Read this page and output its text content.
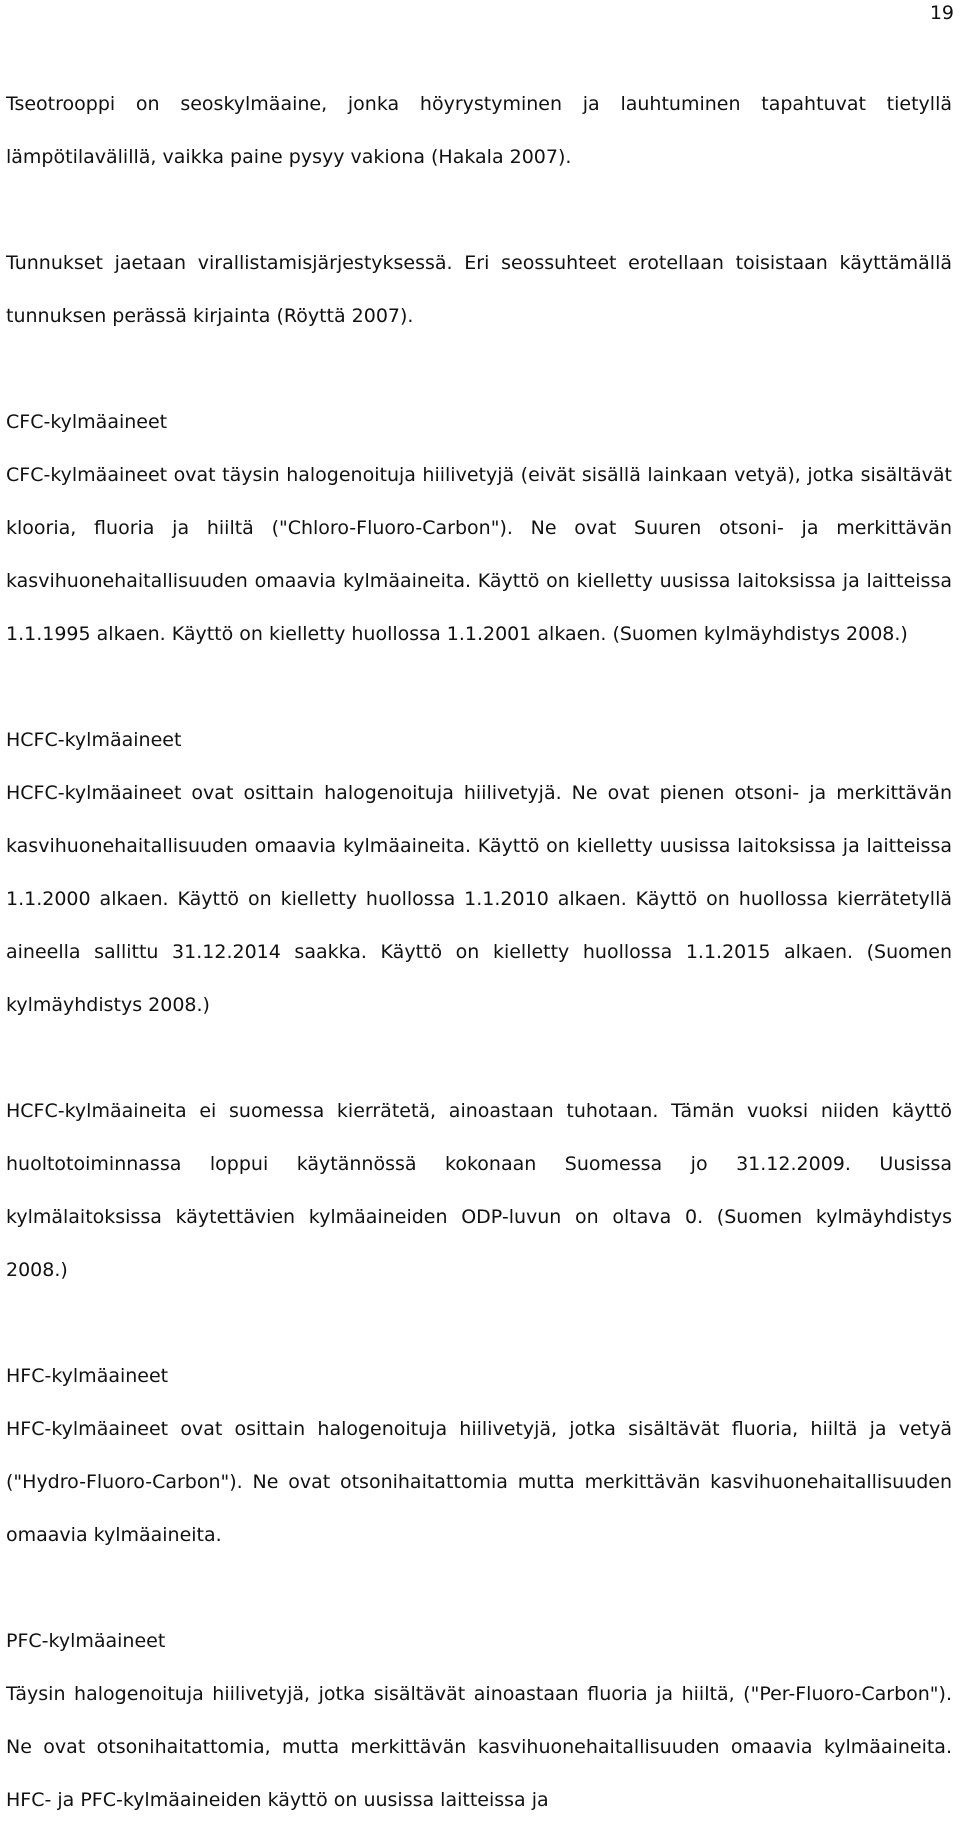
19

Tseotrooppi on seoskylmäaine, jonka höyrystyminen ja lauhtuminen tapahtuvat tietyllä lämpötilavälillä, vaikka paine pysyy vakiona (Hakala 2007).

Tunnukset jaetaan virallistamisjärjestyksessä. Eri seossuhteet erotellaan toisistaan käyttämällä tunnuksen perässä kirjainta (Röyttä 2007).

CFC-kylmäaineet

CFC-kylmäaineet ovat täysin halogenoituja hiilivetyjä (eivät sisällä lainkaan vetyä), jotka sisältävät klooria, fluoria ja hiiltä ("Chloro-Fluoro-Carbon"). Ne ovat Suuren otsoni- ja merkittävän kasvihuonehaitallisuuden omaavia kylmäaineita. Käyttö on kielletty uusissa laitoksissa ja laitteissa 1.1.1995 alkaen. Käyttö on kielletty huollossa 1.1.2001 alkaen. (Suomen kylmäyhdistys 2008.)

HCFC-kylmäaineet

HCFC-kylmäaineet ovat osittain halogenoituja hiilivetyjä. Ne ovat pienen otsoni- ja merkittävän kasvihuonehaitallisuuden omaavia kylmäaineita. Käyttö on kielletty uusissa laitoksissa ja laitteissa 1.1.2000 alkaen. Käyttö on kielletty huollossa 1.1.2010 alkaen. Käyttö on huollossa kierrätetyllä aineella sallittu 31.12.2014 saakka. Käyttö on kielletty huollossa 1.1.2015 alkaen. (Suomen kylmäyhdistys 2008.)

HCFC-kylmäaineita ei suomessa kierrätetä, ainoastaan tuhotaan. Tämän vuoksi niiden käyttö huoltotoiminnassa loppui käytännössä kokonaan Suomessa jo 31.12.2009. Uusissa kylmälaitoksissa käytettävien kylmäaineiden ODP-luvun on oltava 0. (Suomen kylmäyhdistys 2008.)

HFC-kylmäaineet

HFC-kylmäaineet ovat osittain halogenoituja hiilivetyjä, jotka sisältävät fluoria, hiiltä ja vetyä ("Hydro-Fluoro-Carbon"). Ne ovat otsonihaitattomia mutta merkittävän kasvihuonehaitallisuuden omaavia kylmäaineita.

PFC-kylmäaineet

Täysin halogenoituja hiilivetyjä, jotka sisältävät ainoastaan fluoria ja hiiltä, ("Per-Fluoro-Carbon"). Ne ovat otsonihaitattomia, mutta merkittävän kasvihuonehaitallisuuden omaavia kylmäaineita. HFC- ja PFC-kylmäaineiden käyttö on uusissa laitteissa ja
